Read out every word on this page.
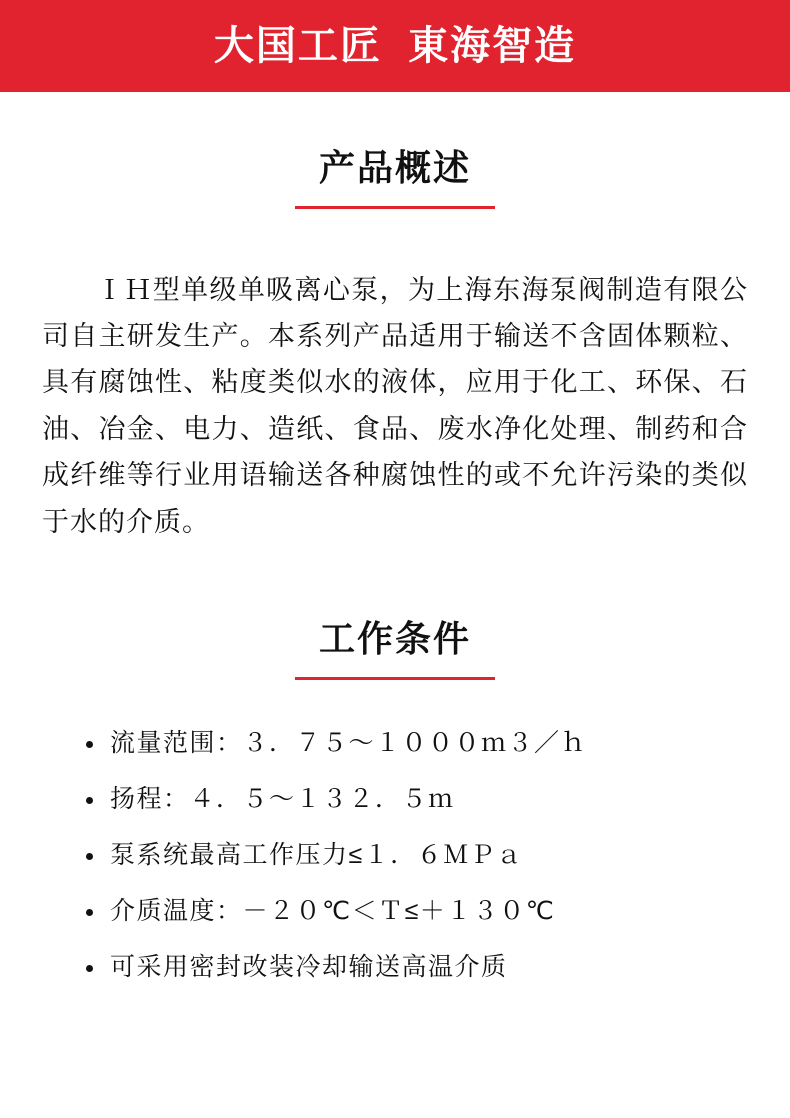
大国工匠  東海智造
产品概述

ＩＨ型单级单吸离心泵，为上海东海泵阀制造有限公司自主研发生产。本系列产品适用于输送不含固体颗粒、具有腐蚀性、粘度类似水的液体，应用于化工、环保、石油、冶金、电力、造纸、食品、废水净化处理、制药和合成纤维等行业用语输送各种腐蚀性的或不允许污染的类似于水的介质。

工作条件
流量范围：３．７５～１０００ｍ３／ｈ
扬程：４．５～１３２．５ｍ
泵系统最高工作压力≤１．６ＭＰａ
介质温度：－２０℃＜Ｔ≤＋１３０℃
可采用密封改装冷却输送高温介质
